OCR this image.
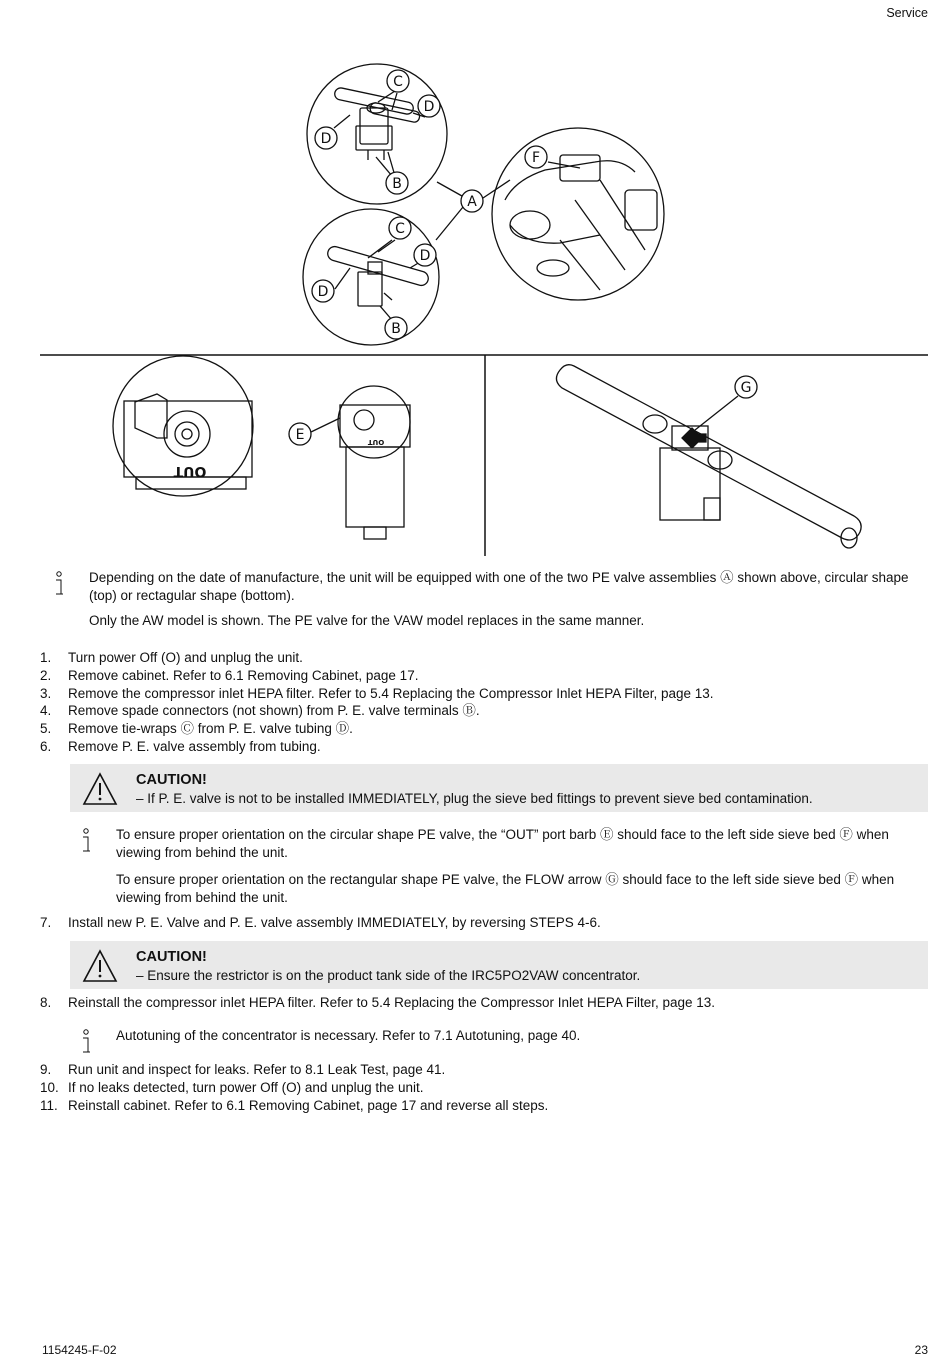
Service
C
D
D
B
A
F
C
D
D
B
E
G
OUT
OUT
Depending on the date of manufacture, the unit will be equipped with one of the two PE valve assemblies Ⓐ shown above, circular shape (top) or rectagular shape (bottom).
Only the AW model is shown. The PE valve for the VAW model replaces in the same manner.
1. Turn power Off (O) and unplug the unit.
2. Remove cabinet. Refer to 6.1 Removing Cabinet, page 17.
3. Remove the compressor inlet HEPA filter. Refer to 5.4 Replacing the Compressor Inlet HEPA Filter, page 13.
4. Remove spade connectors (not shown) from P. E. valve terminals Ⓑ.
5. Remove tie-wraps Ⓒ from P. E. valve tubing Ⓓ.
6. Remove P. E. valve assembly from tubing.
CAUTION!
– If P. E. valve is not to be installed IMMEDIATELY, plug the sieve bed fittings to prevent sieve bed contamination.
To ensure proper orientation on the circular shape PE valve, the “OUT” port barb Ⓔ should face to the left side sieve bed Ⓕ when viewing from behind the unit.
To ensure proper orientation on the rectangular shape PE valve, the FLOW arrow Ⓖ should face to the left side sieve bed Ⓕ when viewing from behind the unit.
7. Install new P. E. Valve and P. E. valve assembly IMMEDIATELY, by reversing STEPS 4-6.
CAUTION!
– Ensure the restrictor is on the product tank side of the IRC5PO2VAW concentrator.
8. Reinstall the compressor inlet HEPA filter. Refer to 5.4 Replacing the Compressor Inlet HEPA Filter, page 13.
Autotuning of the concentrator is necessary. Refer to 7.1 Autotuning, page 40.
9. Run unit and inspect for leaks. Refer to 8.1 Leak Test, page 41.
10. If no leaks detected, turn power Off (O) and unplug the unit.
11. Reinstall cabinet. Refer to 6.1 Removing Cabinet, page 17 and reverse all steps.
1154245-F-02	23
